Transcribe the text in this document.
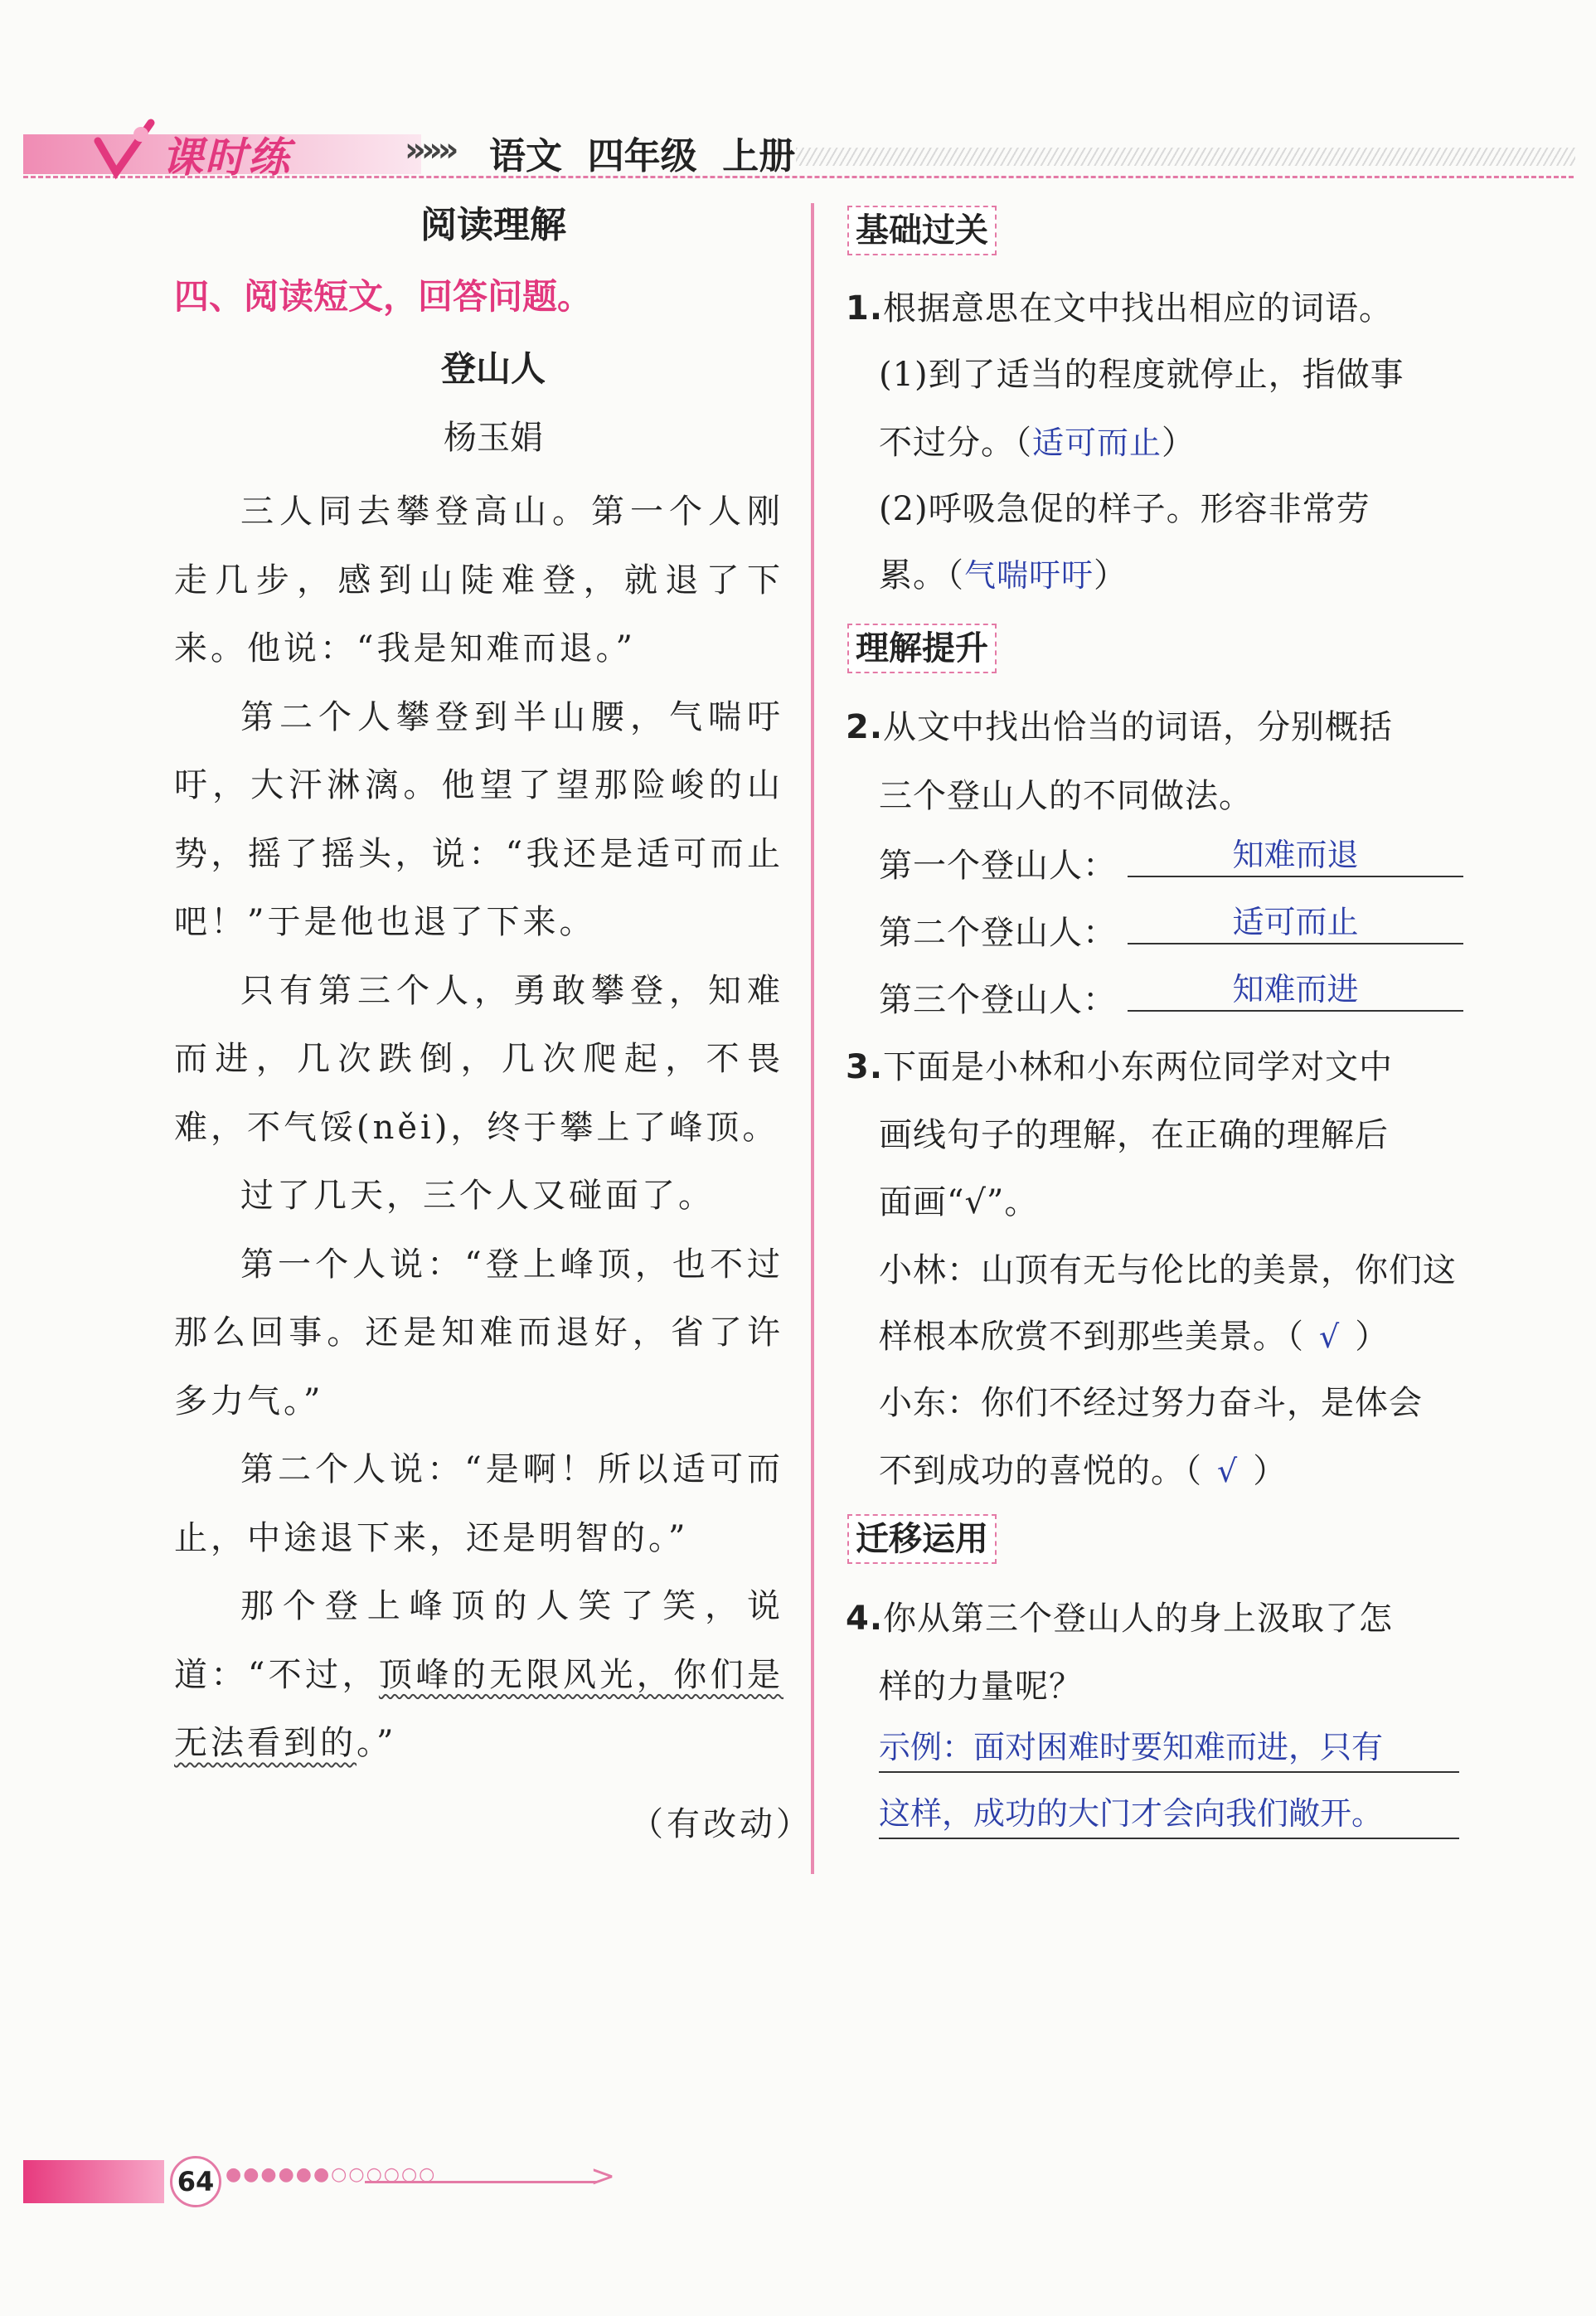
课时练	»»» 语文  四年级  上册
阅读理解
四、阅读短文，回答问题。
登山人
杨玉娟

三人同去攀登高山。第一个人刚走几步，感到山陡难登，就退了下来。他说：“我是知难而退。”

第二个人攀登到半山腰，气喘吁吁，大汗淋漓。他望了望那险峻的山势，摇了摇头，说：“我还是适可而止吧！”于是他也退了下来。

只有第三个人，勇敢攀登，知难而进，几次跌倒，几次爬起，不畏难，不气馁(něi)，终于攀上了峰顶。

过了几天，三个人又碰面了。

第一个人说：“登上峰顶，也不过那么回事。还是知难而退好，省了许多力气。”

第二个人说：“是啊！所以适可而止，中途退下来，还是明智的。”

那个登上峰顶的人笑了笑，说道：“不过，顶峰的无限风光，你们是无法看到的。”

（有改动）
基础过关
1.根据意思在文中找出相应的词语。
(1)到了适当的程度就停止，指做事
不过分。（适可而止）
(2)呼吸急促的样子。形容非常劳
累。（气喘吁吁）
理解提升
2.从文中找出恰当的词语，分别概括
三个登山人的不同做法。
第一个登山人：	知难而退
第二个登山人：	适可而止
第三个登山人：	知难而进
3.下面是小林和小东两位同学对文中
画线句子的理解，在正确的理解后
面画“√”。
小林：山顶有无与伦比的美景，你们这
样根本欣赏不到那些美景。（ √ ）
小东：你们不经过努力奋斗，是体会
不到成功的喜悦的。（ √ ）
迁移运用
4.你从第三个登山人的身上汲取了怎
样的力量呢？
示例：面对困难时要知难而进，只有
这样，成功的大门才会向我们敞开。
64 ●●●●●●○○○○○○	>
